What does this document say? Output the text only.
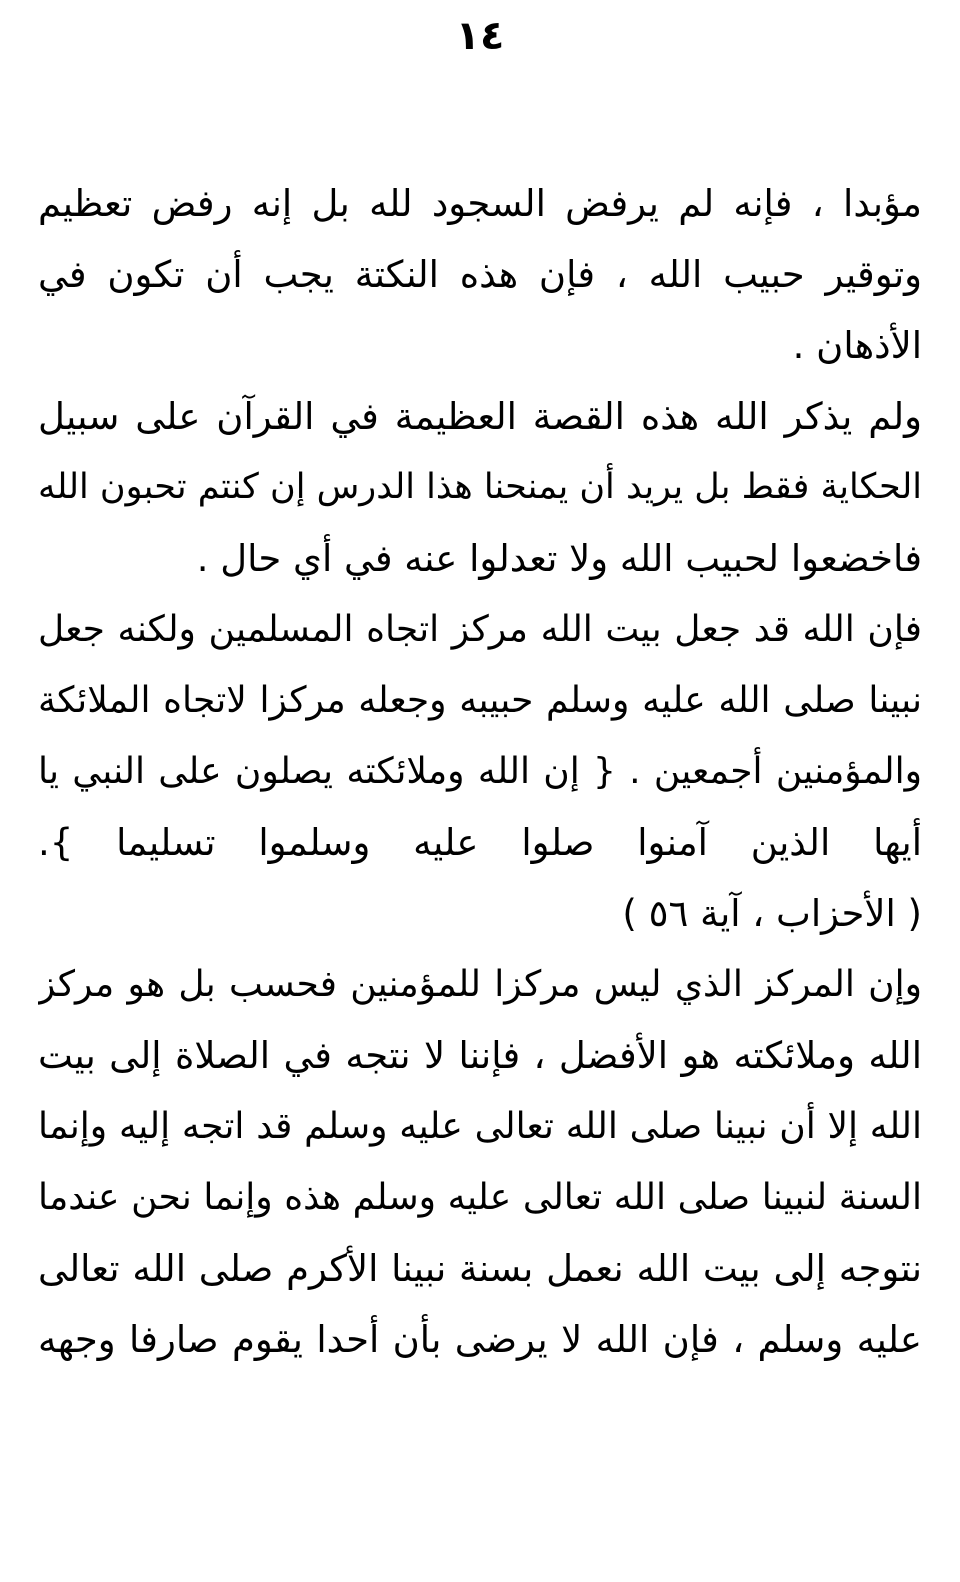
١٤
مؤبدا ، فإنه لم يرفض السجود لله بل إنه رفض تعظيم
وتوقير حبيب الله ، فإن هذه النكتة يجب أن تكون في
الأذهان .
ولم يذكر الله هذه القصة العظيمة في القرآن على سبيل
الحكاية فقط بل يريد أن يمنحنا هذا الدرس إن كنتم تحبون الله
فاخضعوا لحبيب الله ولا تعدلوا عنه في أي حال .
فإن الله قد جعل بيت الله مركز اتجاه المسلمين ولكنه جعل
نبينا صلى الله عليه وسلم حبيبه وجعله مركزا لاتجاه الملائكة
والمؤمنين أجمعين . { إن الله وملائكته يصلون على النبي يا
أيها الذين آمنوا صلوا عليه وسلموا تسليما }.
( الأحزاب ، آية ٥٦ )
وإن المركز الذي ليس مركزا للمؤمنين فحسب بل هو مركز
الله وملائكته هو الأفضل ، فإننا لا نتجه في الصلاة إلى بيت
الله إلا أن نبينا صلى الله تعالى عليه وسلم قد اتجه إليه وإنما
السنة لنبينا صلى الله تعالى عليه وسلم هذه وإنما نحن عندما
نتوجه إلى بيت الله نعمل بسنة نبينا الأكرم صلى الله تعالى
عليه وسلم ، فإن الله لا يرضى بأن أحدا يقوم صارفا وجهه
